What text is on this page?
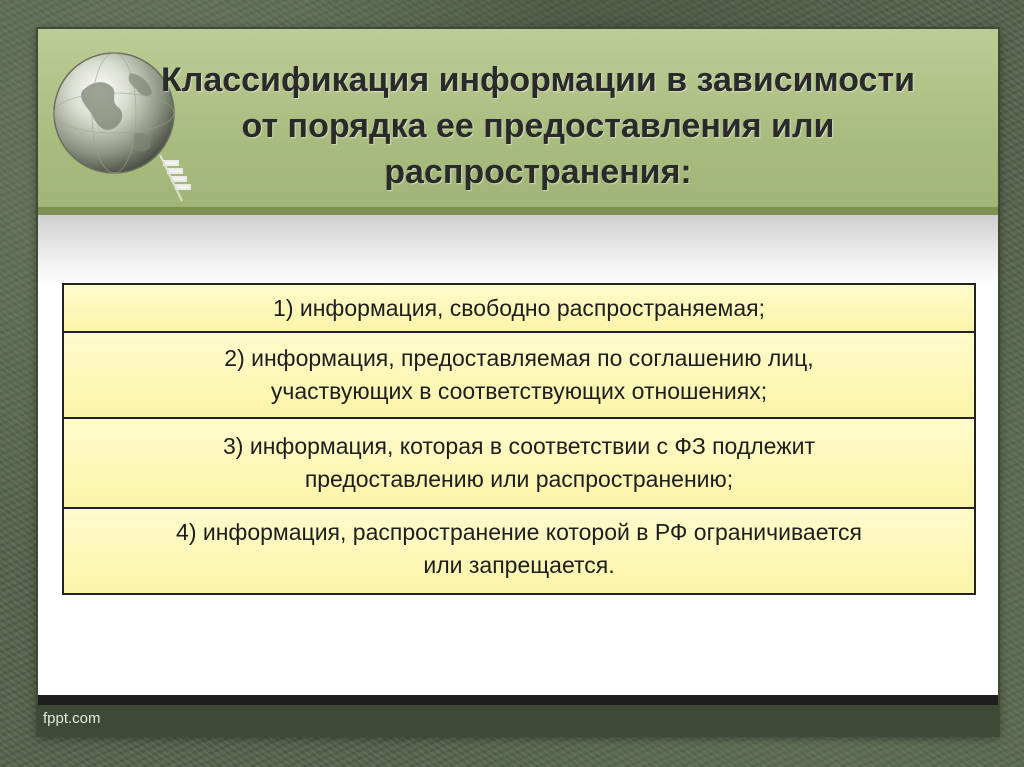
Классификация информации в зависимости
от порядка ее предоставления или
распространения:
1) информация, свободно распространяемая;
2) информация, предоставляемая по соглашению лиц,
участвующих в соответствующих отношениях;
3) информация, которая в соответствии с ФЗ подлежит
предоставлению или распространению;
4) информация, распространение которой в РФ ограничивается
или запрещается.
fppt.com
